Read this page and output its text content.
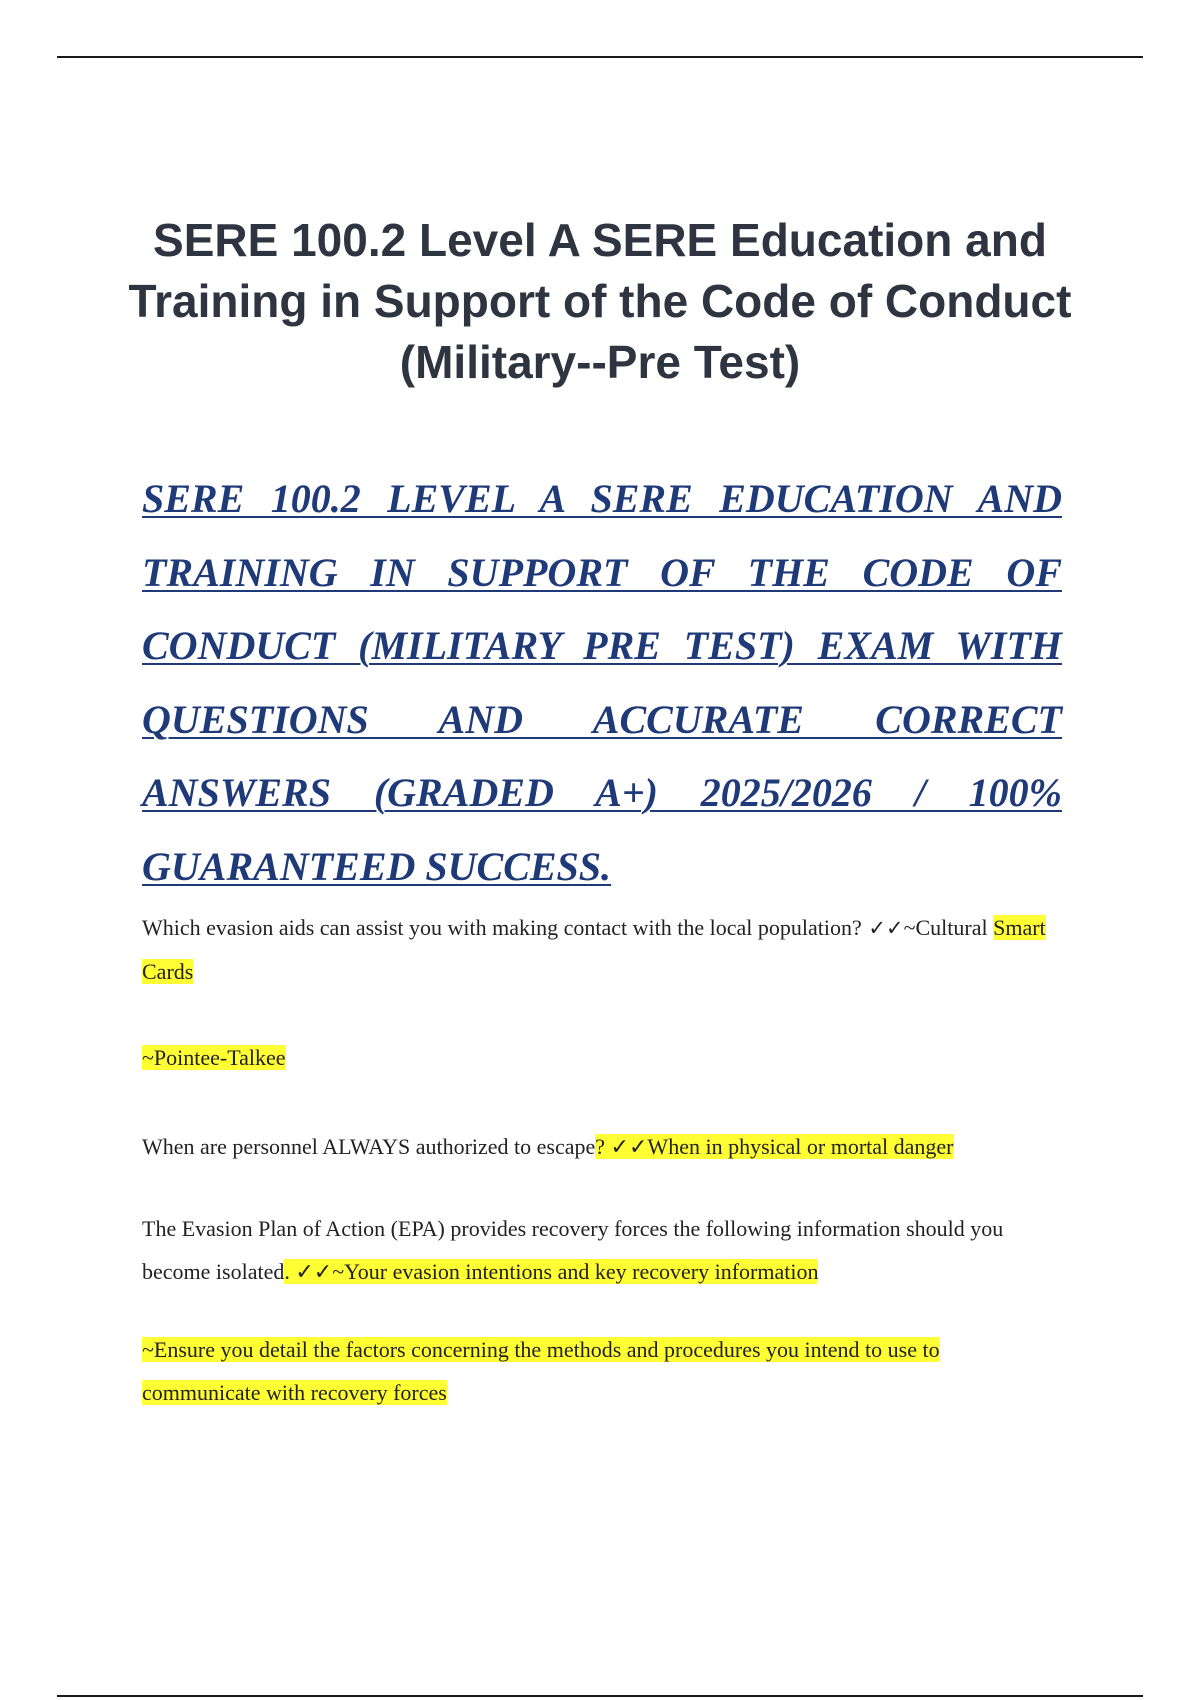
SERE 100.2 Level A SERE Education and Training in Support of the Code of Conduct (Military--Pre Test)

SERE 100.2 LEVEL A SERE EDUCATION AND TRAINING IN SUPPORT OF THE CODE OF CONDUCT (MILITARY PRE TEST) EXAM WITH QUESTIONS AND ACCURATE CORRECT ANSWERS (GRADED A+) 2025/2026 / 100% GUARANTEED SUCCESS.

Which evasion aids can assist you with making contact with the local population? ✓✓~Cultural Smart Cards

~Pointee-Talkee

When are personnel ALWAYS authorized to escape? ✓✓When in physical or mortal danger

The Evasion Plan of Action (EPA) provides recovery forces the following information should you become isolated. ✓✓~Your evasion intentions and key recovery information

~Ensure you detail the factors concerning the methods and procedures you intend to use to communicate with recovery forces
